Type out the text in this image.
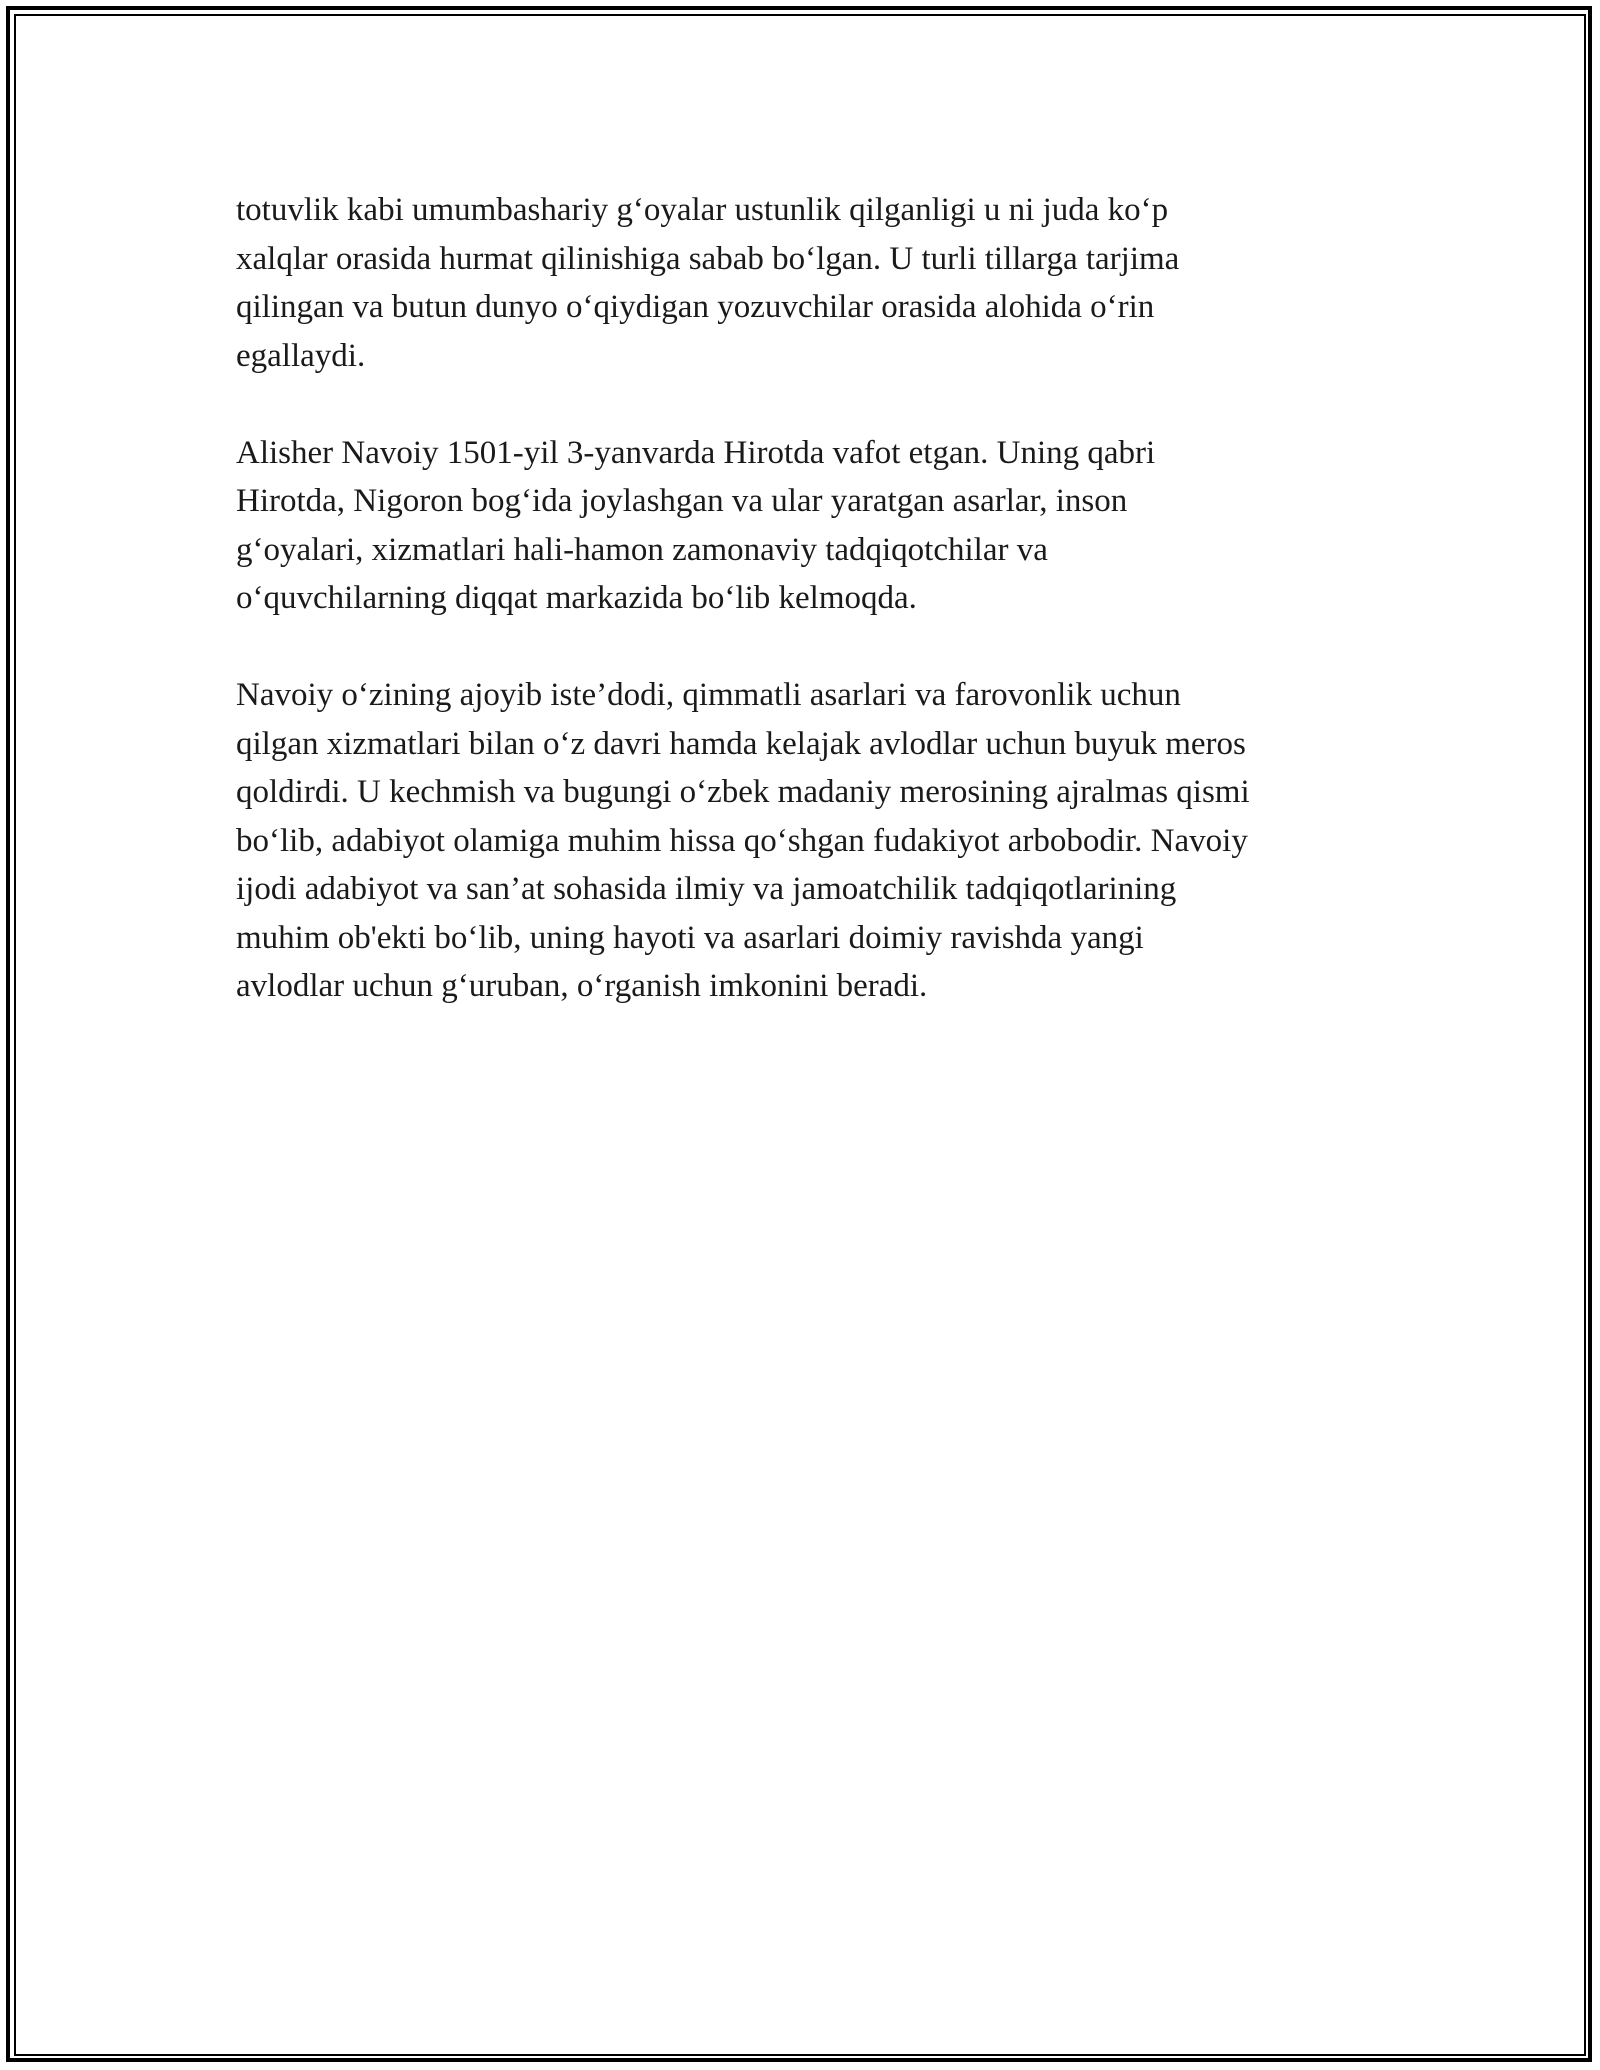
totuvlik kabi umumbashariy g‘oyalar ustunlik qilganligi u ni juda ko‘p
xalqlar orasida hurmat qilinishiga sabab bo‘lgan. U turli tillarga tarjima
qilingan va butun dunyo o‘qiydigan yozuvchilar orasida alohida o‘rin
egallaydi.

Alisher Navoiy 1501-yil 3-yanvarda Hirotda vafot etgan. Uning qabri
Hirotda, Nigoron bog‘ida joylashgan va ular yaratgan asarlar, inson
g‘oyalari, xizmatlari hali-hamon zamonaviy tadqiqotchilar va
o‘quvchilarning diqqat markazida bo‘lib kelmoqda.

Navoiy o‘zining ajoyib iste’dodi, qimmatli asarlari va farovonlik uchun
qilgan xizmatlari bilan o‘z davri hamda kelajak avlodlar uchun buyuk meros
qoldirdi. U kechmish va bugungi o‘zbek madaniy merosining ajralmas qismi
bo‘lib, adabiyot olamiga muhim hissa qo‘shgan fudakiyot arbobodir. Navoiy
ijodi adabiyot va san’at sohasida ilmiy va jamoatchilik tadqiqotlarining
muhim ob'ekti bo‘lib, uning hayoti va asarlari doimiy ravishda yangi
avlodlar uchun g‘uruban, o‘rganish imkonini beradi.
